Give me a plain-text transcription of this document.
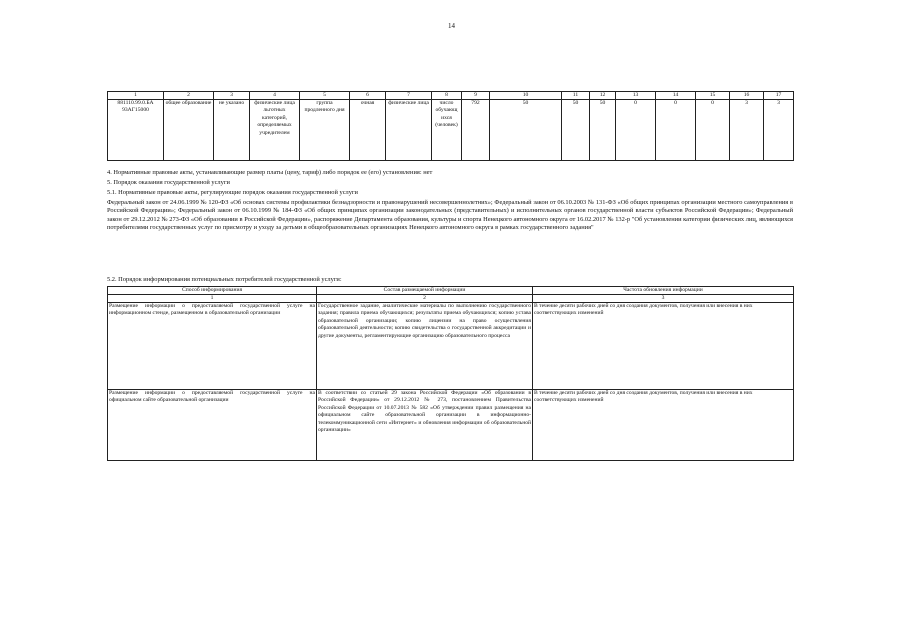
14
1	2	3	4	5	6	7	8	9	10	11	12	13	14	15	16	17
881110.99.0.БА 93АГ15000	общее образование	не указано	физические лица льготных категорий, определяемых учредителем	группа продленного дня	очная	физические лица	число обучающ ихся (человек)	792	50	50	50	0	0	0	3	3
4. Нормативные правовые акты, устанавливающие размер платы (цену, тариф) либо порядок ее (его) установления: нет
5. Порядок оказания государственной услуги
5.1. Нормативные правовые акты, регулирующие порядок оказания государственной услуги
Федеральный закон от 24.06.1999 № 120-ФЗ «Об основах системы профилактики безнадзорности и правонарушений несовершеннолетних»; Федеральный закон от 06.10.2003 № 131-ФЗ «Об общих принципах организации местного самоуправления в Российской Федерации»; Федеральный закон от 06.10.1999 № 184-ФЗ «Об общих принципах организации законодательных (представительных) и исполнительных органов государственной власти субъектов Российской Федерации»; Федеральный закон от 29.12.2012 № 273-ФЗ «Об образовании в Российской Федерации», распоряжение Департамента образования, культуры и спорта Ненецкого автономного округа от 16.02.2017 № 132-р "Об установлении категории физических лиц, являющихся потребителями государственных услуг по присмотру и уходу за детьми в общеобразовательных организациях Ненецкого автономного округа в рамках государственного задания"
5.2. Порядок информирования потенциальных потребителей государственной услуги:
Способ информирования	Состав размещаемой информации	Частота обновления информации
1	2	3
Размещение информации о предоставляемой государственной услуге на информационном стенде, размещенном в образовательной организации	Государственное задание, аналитические материалы по выполнению государственного задания; правила приема обучающихся; результаты приема обучающихся; копию устава образовательной организации; копию лицензии на право осуществления образовательной деятельности; копию свидетельства о государственной аккредитации и другие документы, регламентирующие организацию образовательного процесса	В течение десяти рабочих дней со дня создания документов, получения или внесения в них соответствующих изменений
Размещение информации о предоставляемой государственной услуге на официальном сайте образовательной организации	В соответствии со статьей 29 закона Российской Федерации «Об образовании в Российской Федерации» от 29.12.2012 № 273, постановлением Правительства Российской Федерации от 10.07.2013 № 582 «Об утверждении правил размещения на официальном сайте образовательной организации в информационно-телекоммуникационной сети «Интернет» и обновления информации об образовательной организации»	В течение десяти рабочих дней со дня создания документов, получения или внесения в них соответствующих изменений
